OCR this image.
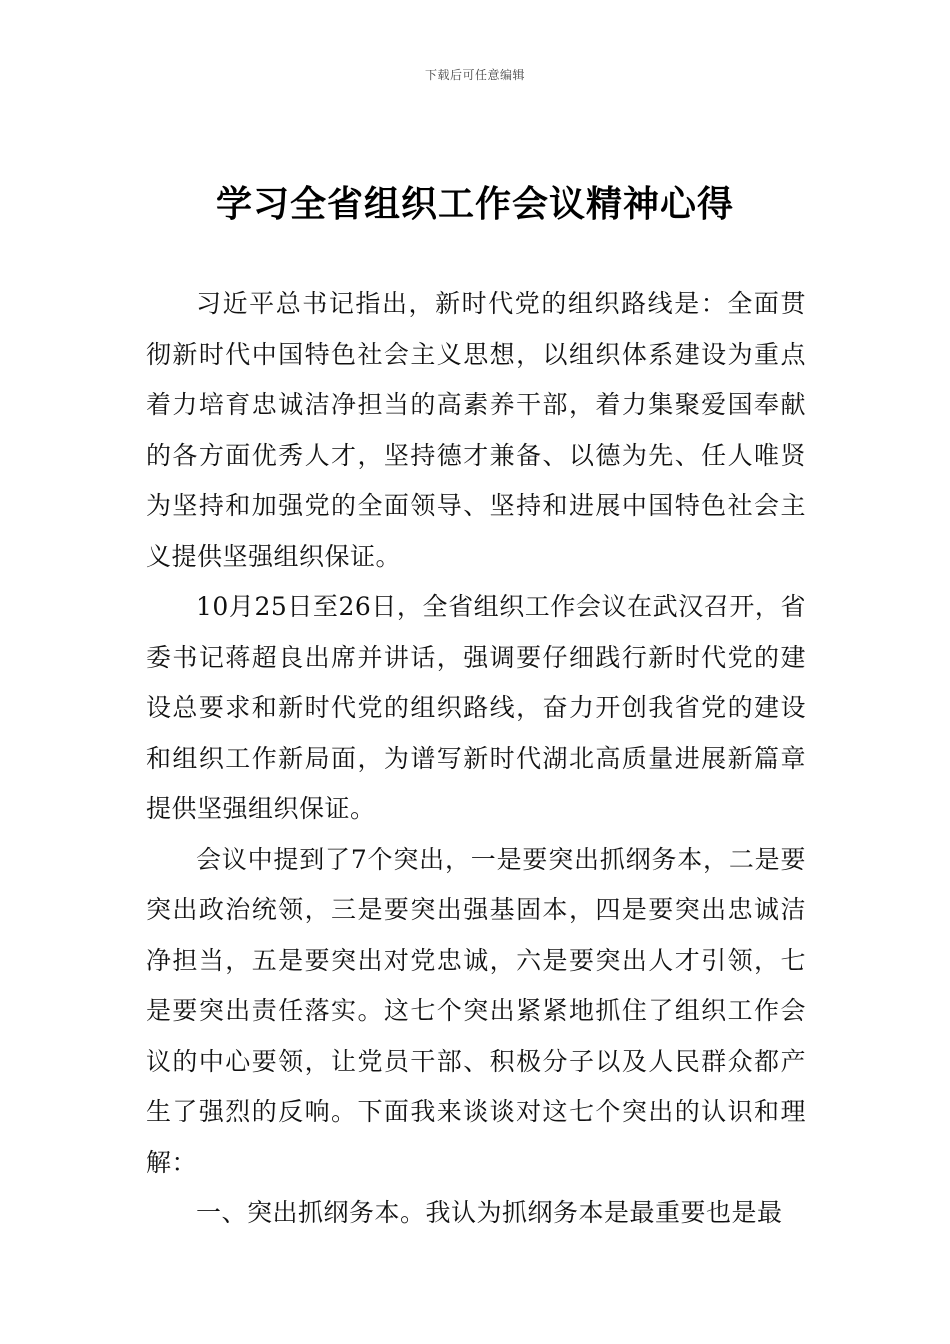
下载后可任意编辑
学习全省组织工作会议精神心得

习近平总书记指出，新时代党的组织路线是：全面贯彻新时代中国特色社会主义思想，以组织体系建设为重点着力培育忠诚洁净担当的高素养干部，着力集聚爱国奉献的各方面优秀人才，坚持德才兼备、以德为先、任人唯贤为坚持和加强党的全面领导、坚持和进展中国特色社会主义提供坚强组织保证。

10月25日至26日，全省组织工作会议在武汉召开，省委书记蒋超良出席并讲话，强调要仔细践行新时代党的建设总要求和新时代党的组织路线，奋力开创我省党的建设和组织工作新局面，为谱写新时代湖北高质量进展新篇章提供坚强组织保证。

会议中提到了7个突出，一是要突出抓纲务本，二是要突出政治统领，三是要突出强基固本，四是要突出忠诚洁净担当，五是要突出对党忠诚，六是要突出人才引领，七是要突出责任落实。这七个突出紧紧地抓住了组织工作会议的中心要领，让党员干部、积极分子以及人民群众都产生了强烈的反响。下面我来谈谈对这七个突出的认识和理解：

一、突出抓纲务本。我认为抓纲务本是最重要也是最
